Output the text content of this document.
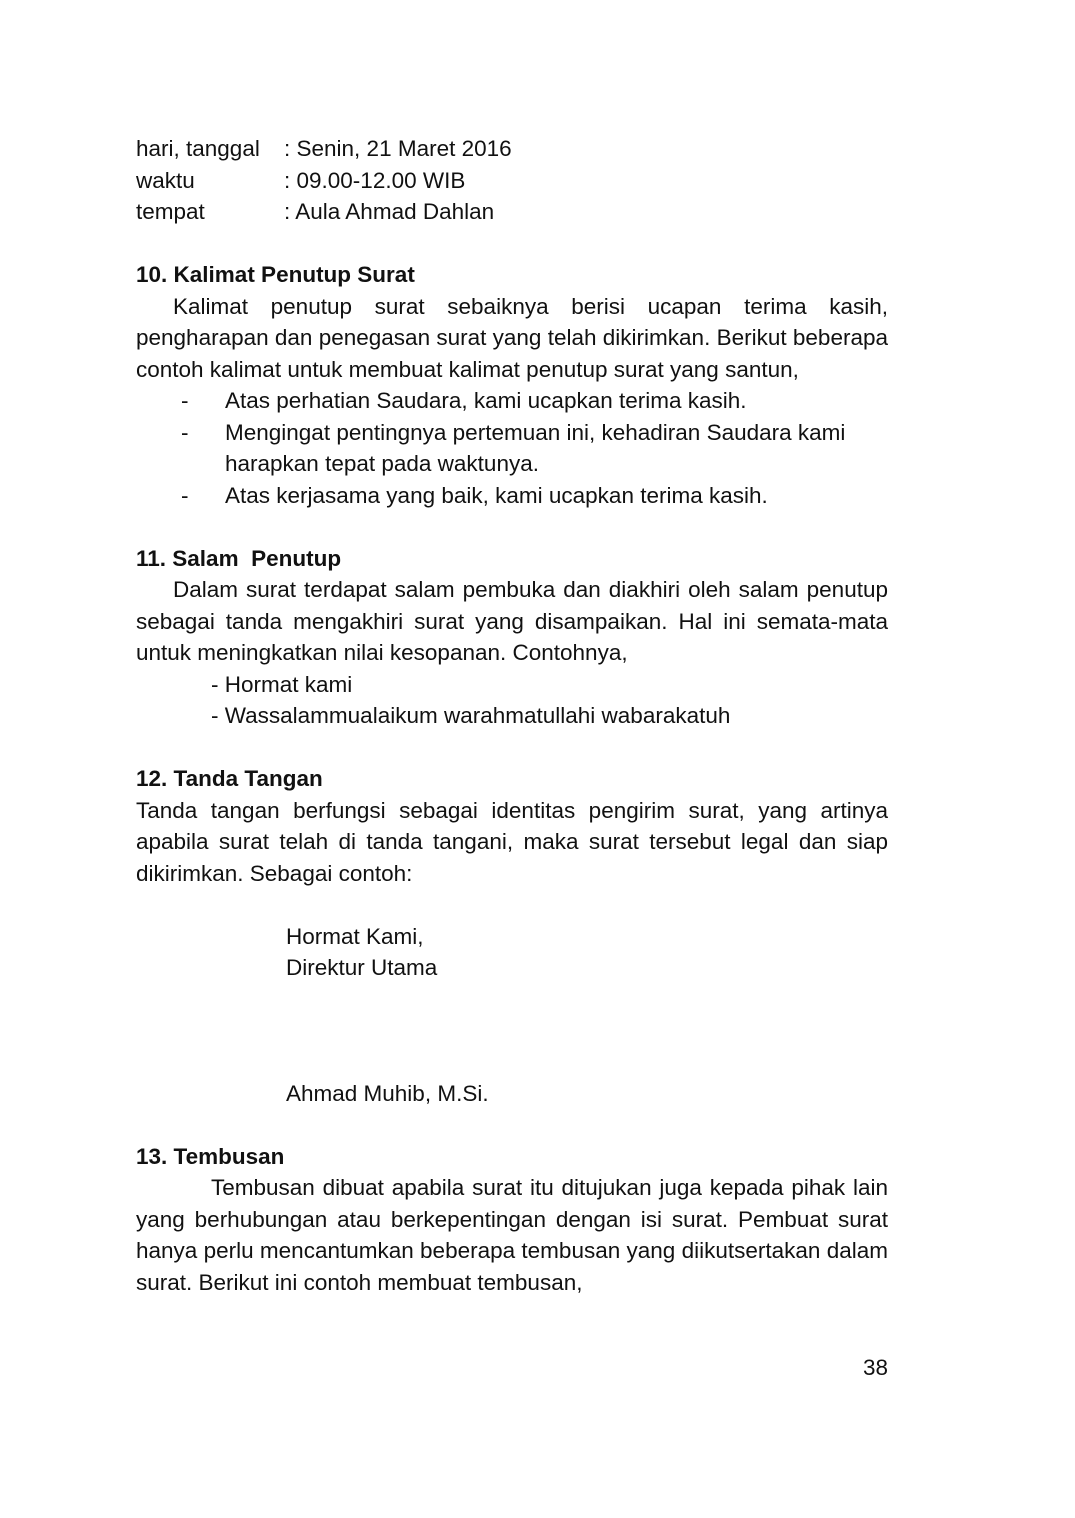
hari, tanggal	: Senin, 21 Maret 2016
waktu	: 09.00-12.00 WIB
tempat	: Aula Ahmad Dahlan
10. Kalimat Penutup Surat

Kalimat penutup surat sebaiknya berisi ucapan terima kasih, pengharapan dan penegasan surat yang telah dikirimkan. Berikut beberapa contoh kalimat untuk membuat kalimat penutup surat yang santun,

- Atas perhatian Saudara, kami ucapkan terima kasih.
- Mengingat pentingnya pertemuan ini, kehadiran Saudara kami harapkan tepat pada waktunya.
- Atas kerjasama yang baik, kami ucapkan terima kasih.
11. Salam  Penutup

Dalam surat terdapat salam pembuka dan diakhiri oleh salam penutup sebagai tanda mengakhiri surat yang disampaikan. Hal ini semata-mata untuk meningkatkan nilai kesopanan. Contohnya,

- Hormat kami
- Wassalammualaikum warahmatullahi wabarakatuh
12. Tanda Tangan

Tanda tangan berfungsi sebagai identitas pengirim surat, yang artinya apabila surat telah di tanda tangani, maka surat tersebut legal dan siap dikirimkan. Sebagai contoh:

Hormat Kami,
Direktur Utama
Ahmad Muhib, M.Si.
13. Tembusan

Tembusan dibuat apabila surat itu ditujukan juga kepada pihak lain yang berhubungan atau berkepentingan dengan isi surat. Pembuat surat hanya perlu mencantumkan beberapa tembusan yang diikutsertakan dalam surat. Berikut ini contoh membuat tembusan,

38
